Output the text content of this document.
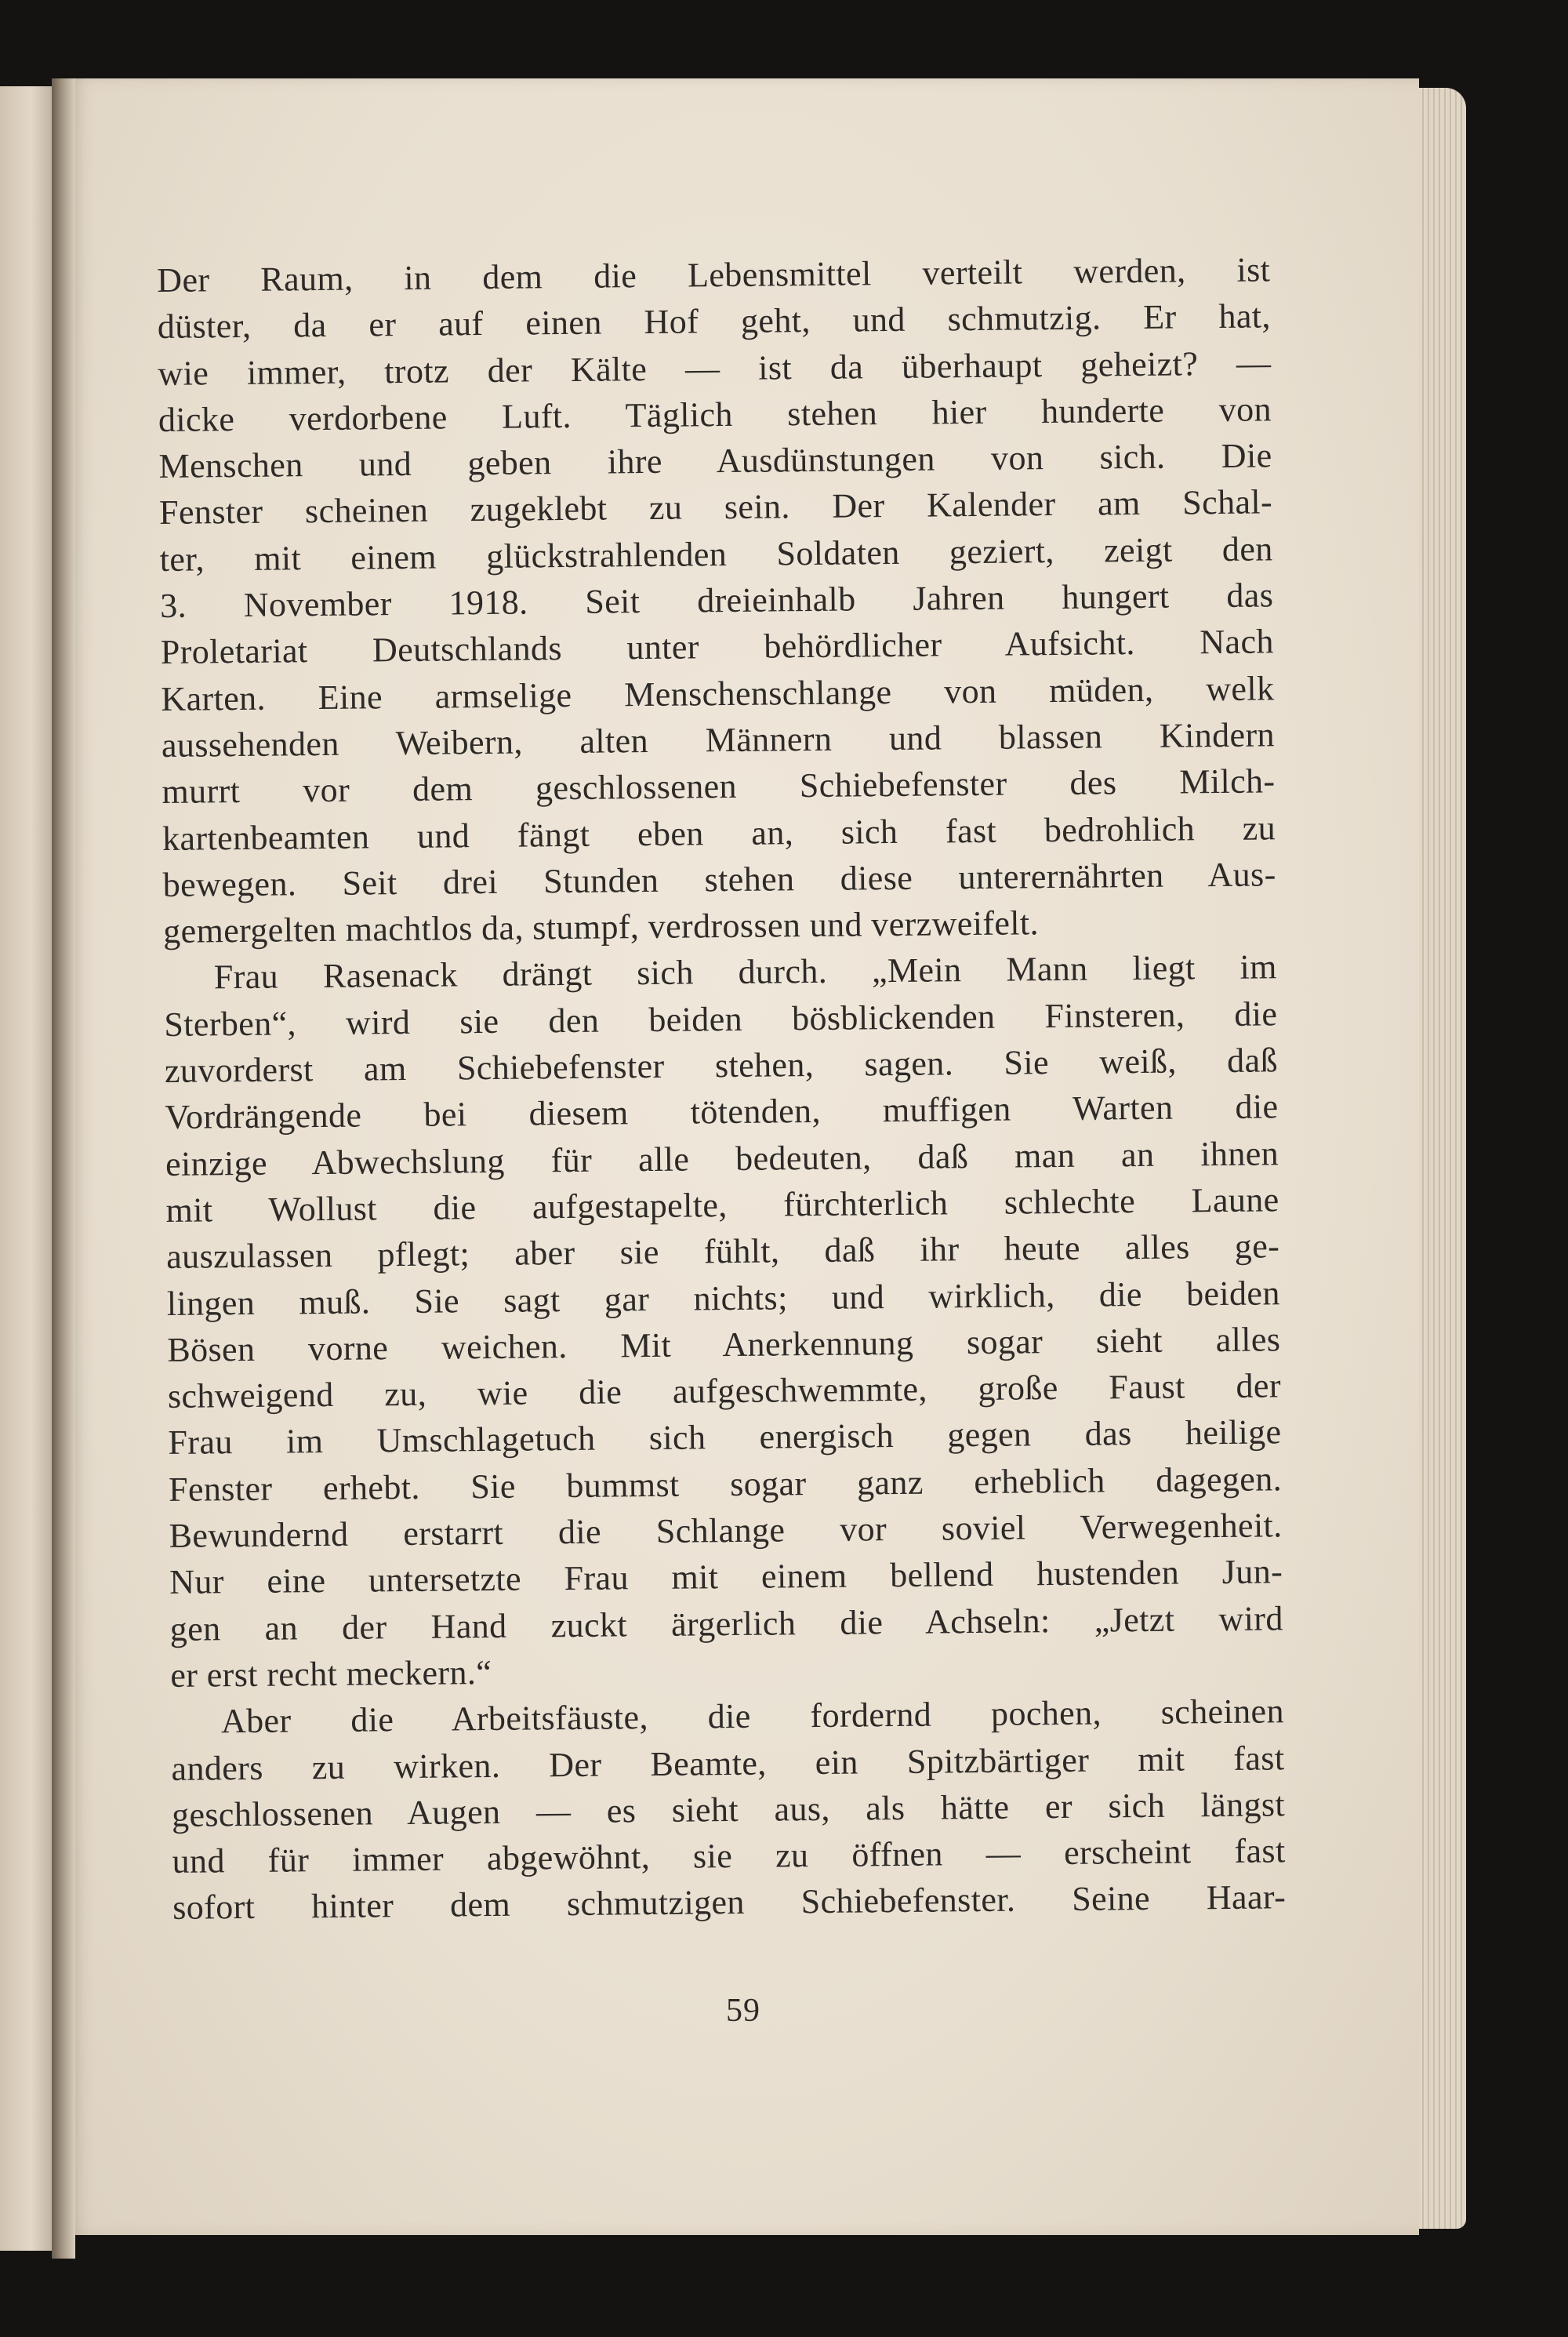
Der Raum, in dem die Lebensmittel verteilt werden, ist
düster, da er auf einen Hof geht, und schmutzig. Er hat,
wie immer, trotz der Kälte — ist da überhaupt geheizt? —
dicke verdorbene Luft. Täglich stehen hier hunderte von
Menschen und geben ihre Ausdünstungen von sich. Die
Fenster scheinen zugeklebt zu sein. Der Kalender am Schal-
ter, mit einem glückstrahlenden Soldaten geziert, zeigt den
3. November 1918. Seit dreieinhalb Jahren hungert das
Proletariat Deutschlands unter behördlicher Aufsicht. Nach
Karten. Eine armselige Menschenschlange von müden, welk
aussehenden Weibern, alten Männern und blassen Kindern
murrt vor dem geschlossenen Schiebefenster des Milch-
kartenbeamten und fängt eben an, sich fast bedrohlich zu
bewegen. Seit drei Stunden stehen diese unterernährten Aus-
gemergelten machtlos da, stumpf, verdrossen und verzweifelt.
Frau Rasenack drängt sich durch. „Mein Mann liegt im
Sterben“, wird sie den beiden bösblickenden Finsteren, die
zuvorderst am Schiebefenster stehen, sagen. Sie weiß, daß
Vordrängende bei diesem tötenden, muffigen Warten die
einzige Abwechslung für alle bedeuten, daß man an ihnen
mit Wollust die aufgestapelte, fürchterlich schlechte Laune
auszulassen pflegt; aber sie fühlt, daß ihr heute alles ge-
lingen muß. Sie sagt gar nichts; und wirklich, die beiden
Bösen vorne weichen. Mit Anerkennung sogar sieht alles
schweigend zu, wie die aufgeschwemmte, große Faust der
Frau im Umschlagetuch sich energisch gegen das heilige
Fenster erhebt. Sie bummst sogar ganz erheblich dagegen.
Bewundernd erstarrt die Schlange vor soviel Verwegenheit.
Nur eine untersetzte Frau mit einem bellend hustenden Jun-
gen an der Hand zuckt ärgerlich die Achseln: „Jetzt wird
er erst recht meckern.“
Aber die Arbeitsfäuste, die fordernd pochen, scheinen
anders zu wirken. Der Beamte, ein Spitzbärtiger mit fast
geschlossenen Augen — es sieht aus, als hätte er sich längst
und für immer abgewöhnt, sie zu öffnen — erscheint fast
sofort hinter dem schmutzigen Schiebefenster. Seine Haar-
59
